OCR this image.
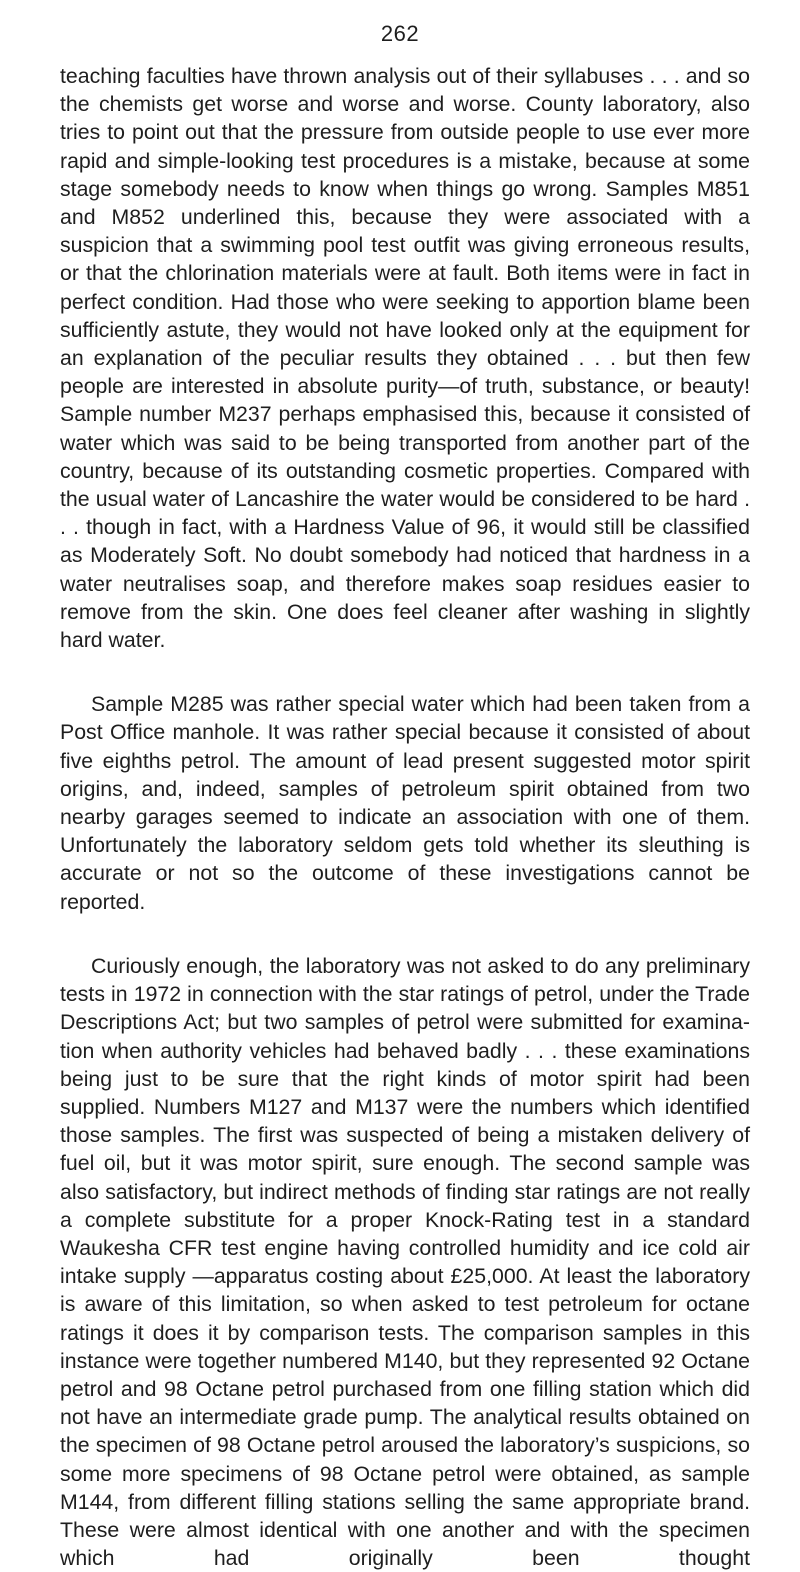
262

teaching faculties have thrown analysis out of their syllabuses . . . and so the chemists get worse and worse and worse. County laboratory, also tries to point out that the pressure from outside people to use ever more rapid and simple-looking test procedures is a mistake, because at some stage somebody needs to know when things go wrong. Samples M851 and M852 underlined this, because they were associated with a suspicion that a swimming pool test outfit was giving erroneous results, or that the chlorination materials were at fault. Both items were in fact in perfect condition. Had those who were seeking to apportion blame been sufficiently astute, they would not have looked only at the equipment for an explanation of the peculiar results they obtained . . . but then few people are interested in absolute purity—of truth, substance, or beauty! Sample number M237 perhaps emphasised this, because it consisted of water which was said to be being transported from another part of the country, because of its outstanding cosmetic properties. Compared with the usual water of Lancashire the water would be considered to be hard . . . though in fact, with a Hardness Value of 96, it would still be classified as Moderately Soft. No doubt somebody had noticed that hardness in a water neutralises soap, and therefore makes soap residues easier to remove from the skin. One does feel cleaner after washing in slightly hard water.

Sample M285 was rather special water which had been taken from a Post Office manhole. It was rather special because it consisted of about five eighths petrol. The amount of lead present suggested motor spirit origins, and, indeed, samples of petroleum spirit obtained from two nearby garages seemed to indicate an association with one of them. Unfortunately the laboratory seldom gets told whether its sleuthing is accurate or not so the outcome of these investigations cannot be reported.

Curiously enough, the laboratory was not asked to do any preliminary tests in 1972 in connection with the star ratings of petrol, under the Trade Descriptions Act; but two samples of petrol were submitted for examination when authority vehicles had behaved badly . . . these examinations being just to be sure that the right kinds of motor spirit had been supplied. Numbers M127 and M137 were the numbers which identified those samples. The first was suspected of being a mistaken delivery of fuel oil, but it was motor spirit, sure enough. The second sample was also satisfactory, but indirect methods of finding star ratings are not really a complete substitute for a proper Knock-Rating test in a standard Waukesha CFR test engine having controlled humidity and ice cold air intake supply —apparatus costing about £25,000. At least the laboratory is aware of this limitation, so when asked to test petroleum for octane ratings it does it by comparison tests. The comparison samples in this instance were together numbered M140, but they represented 92 Octane petrol and 98 Octane petrol purchased from one filling station which did not have an intermediate grade pump. The analytical results obtained on the specimen of 98 Octane petrol aroused the laboratory’s suspicions, so some more specimens of 98 Octane petrol were obtained, as sample M144, from different filling stations selling the same appropriate brand. These were almost identical with one another and with the specimen which had originally been thought
